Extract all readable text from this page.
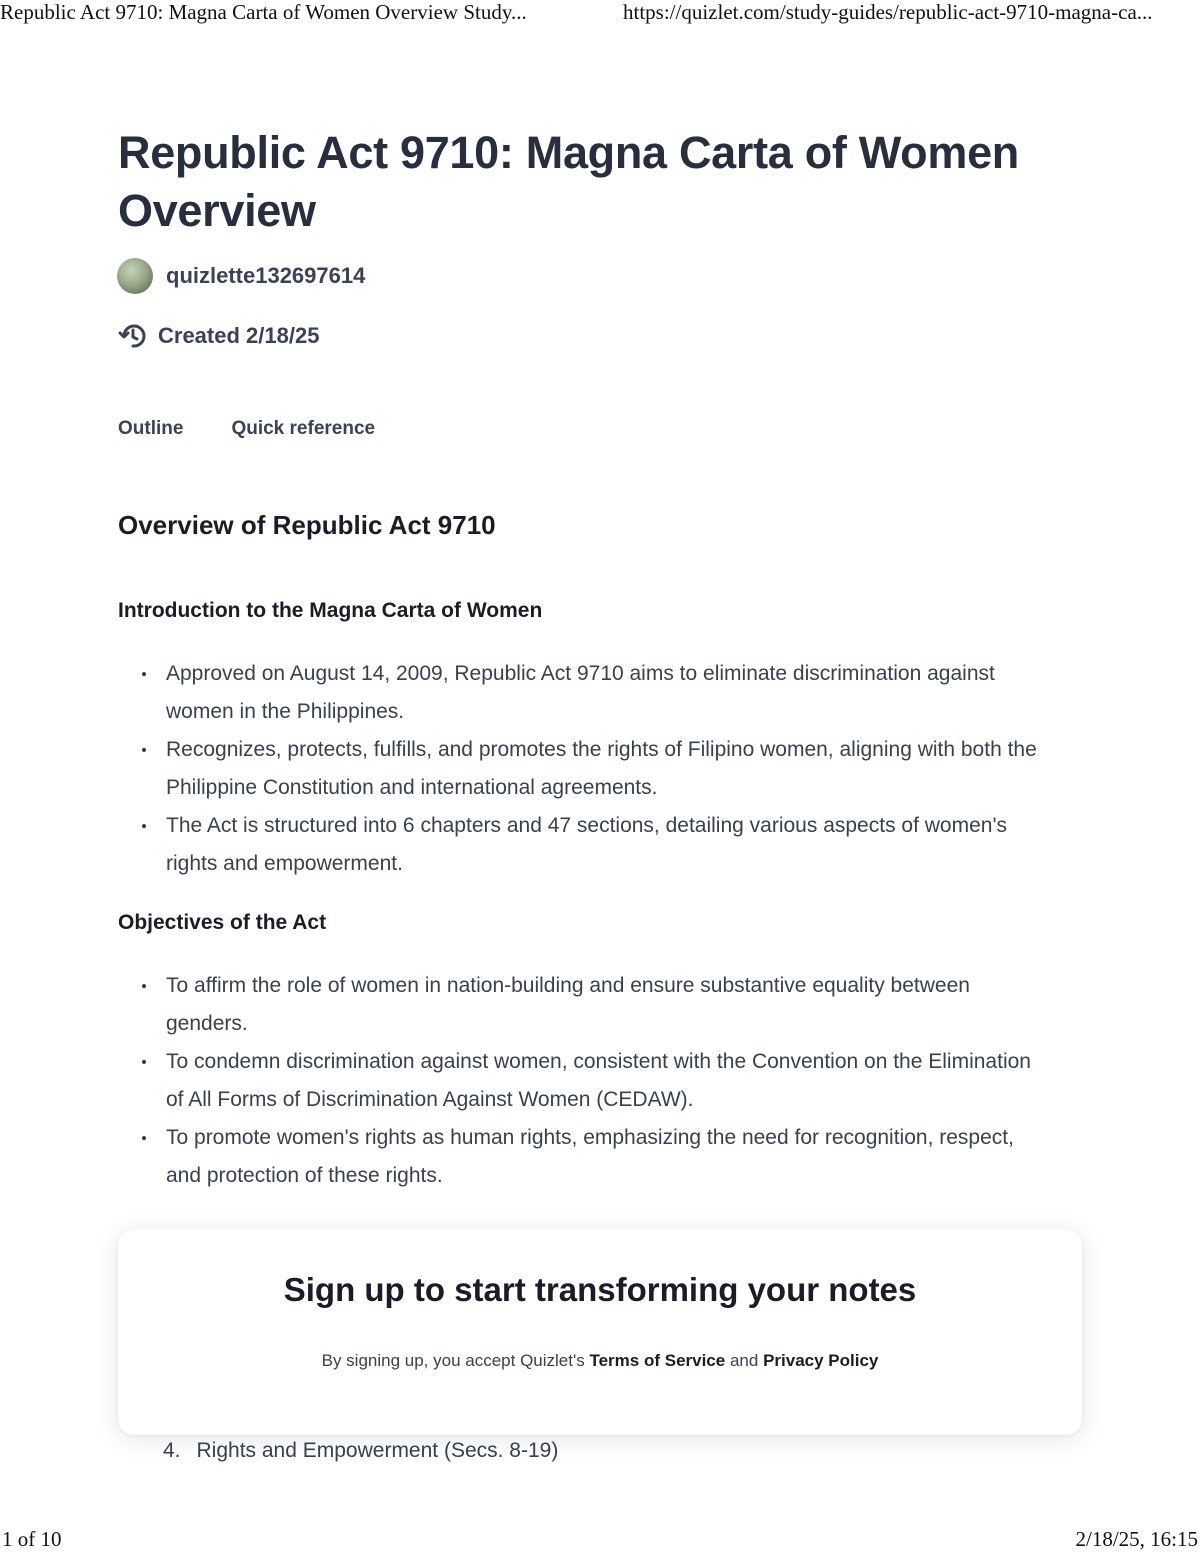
Republic Act 9710: Magna Carta of Women Overview Study...	https://quizlet.com/study-guides/republic-act-9710-magna-ca...
Republic Act 9710: Magna Carta of Women Overview
quizlette132697614
Created 2/18/25
Outline	Quick reference
Overview of Republic Act 9710
Introduction to the Magna Carta of Women
Approved on August 14, 2009, Republic Act 9710 aims to eliminate discrimination against women in the Philippines.
Recognizes, protects, fulfills, and promotes the rights of Filipino women, aligning with both the Philippine Constitution and international agreements.
The Act is structured into 6 chapters and 47 sections, detailing various aspects of women's rights and empowerment.
Objectives of the Act
To affirm the role of women in nation-building and ensure substantive equality between genders.
To condemn discrimination against women, consistent with the Convention on the Elimination of All Forms of Discrimination Against Women (CEDAW).
To promote women's rights as human rights, emphasizing the need for recognition, respect, and protection of these rights.
4. Rights and Empowerment (Secs. 8-19)
Sign up to start transforming your notes
By signing up, you accept Quizlet's Terms of Service and Privacy Policy
1 of 10	2/18/25, 16:15
